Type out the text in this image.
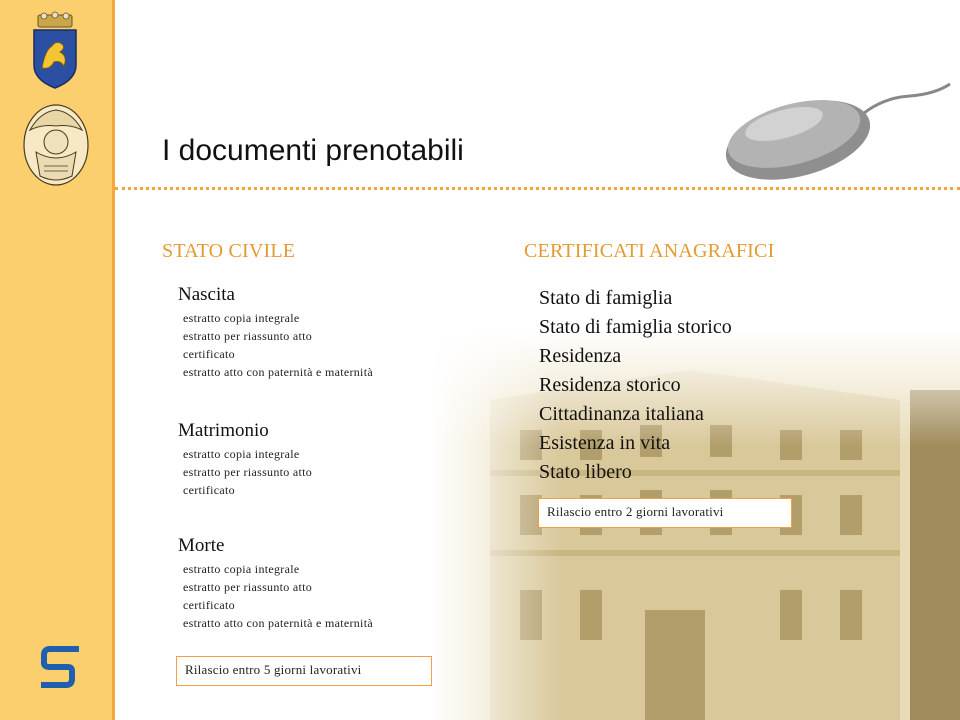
I documenti prenotabili
STATO CIVILE	CERTIFICATI ANAGRAFICI

Nascita

estratto copia integrale
estratto per riassunto atto
certificato
estratto atto con paternità e maternità

Matrimonio

estratto copia integrale
estratto per riassunto atto
certificato

Morte

estratto copia integrale
estratto per riassunto atto
certificato
estratto atto con paternità e maternità
Rilascio entro 5 giorni lavorativi
Stato di famiglia
Stato di famiglia storico
Residenza
Residenza storico
Cittadinanza italiana
Esistenza in vita
Stato libero
Rilascio entro 2 giorni lavorativi
